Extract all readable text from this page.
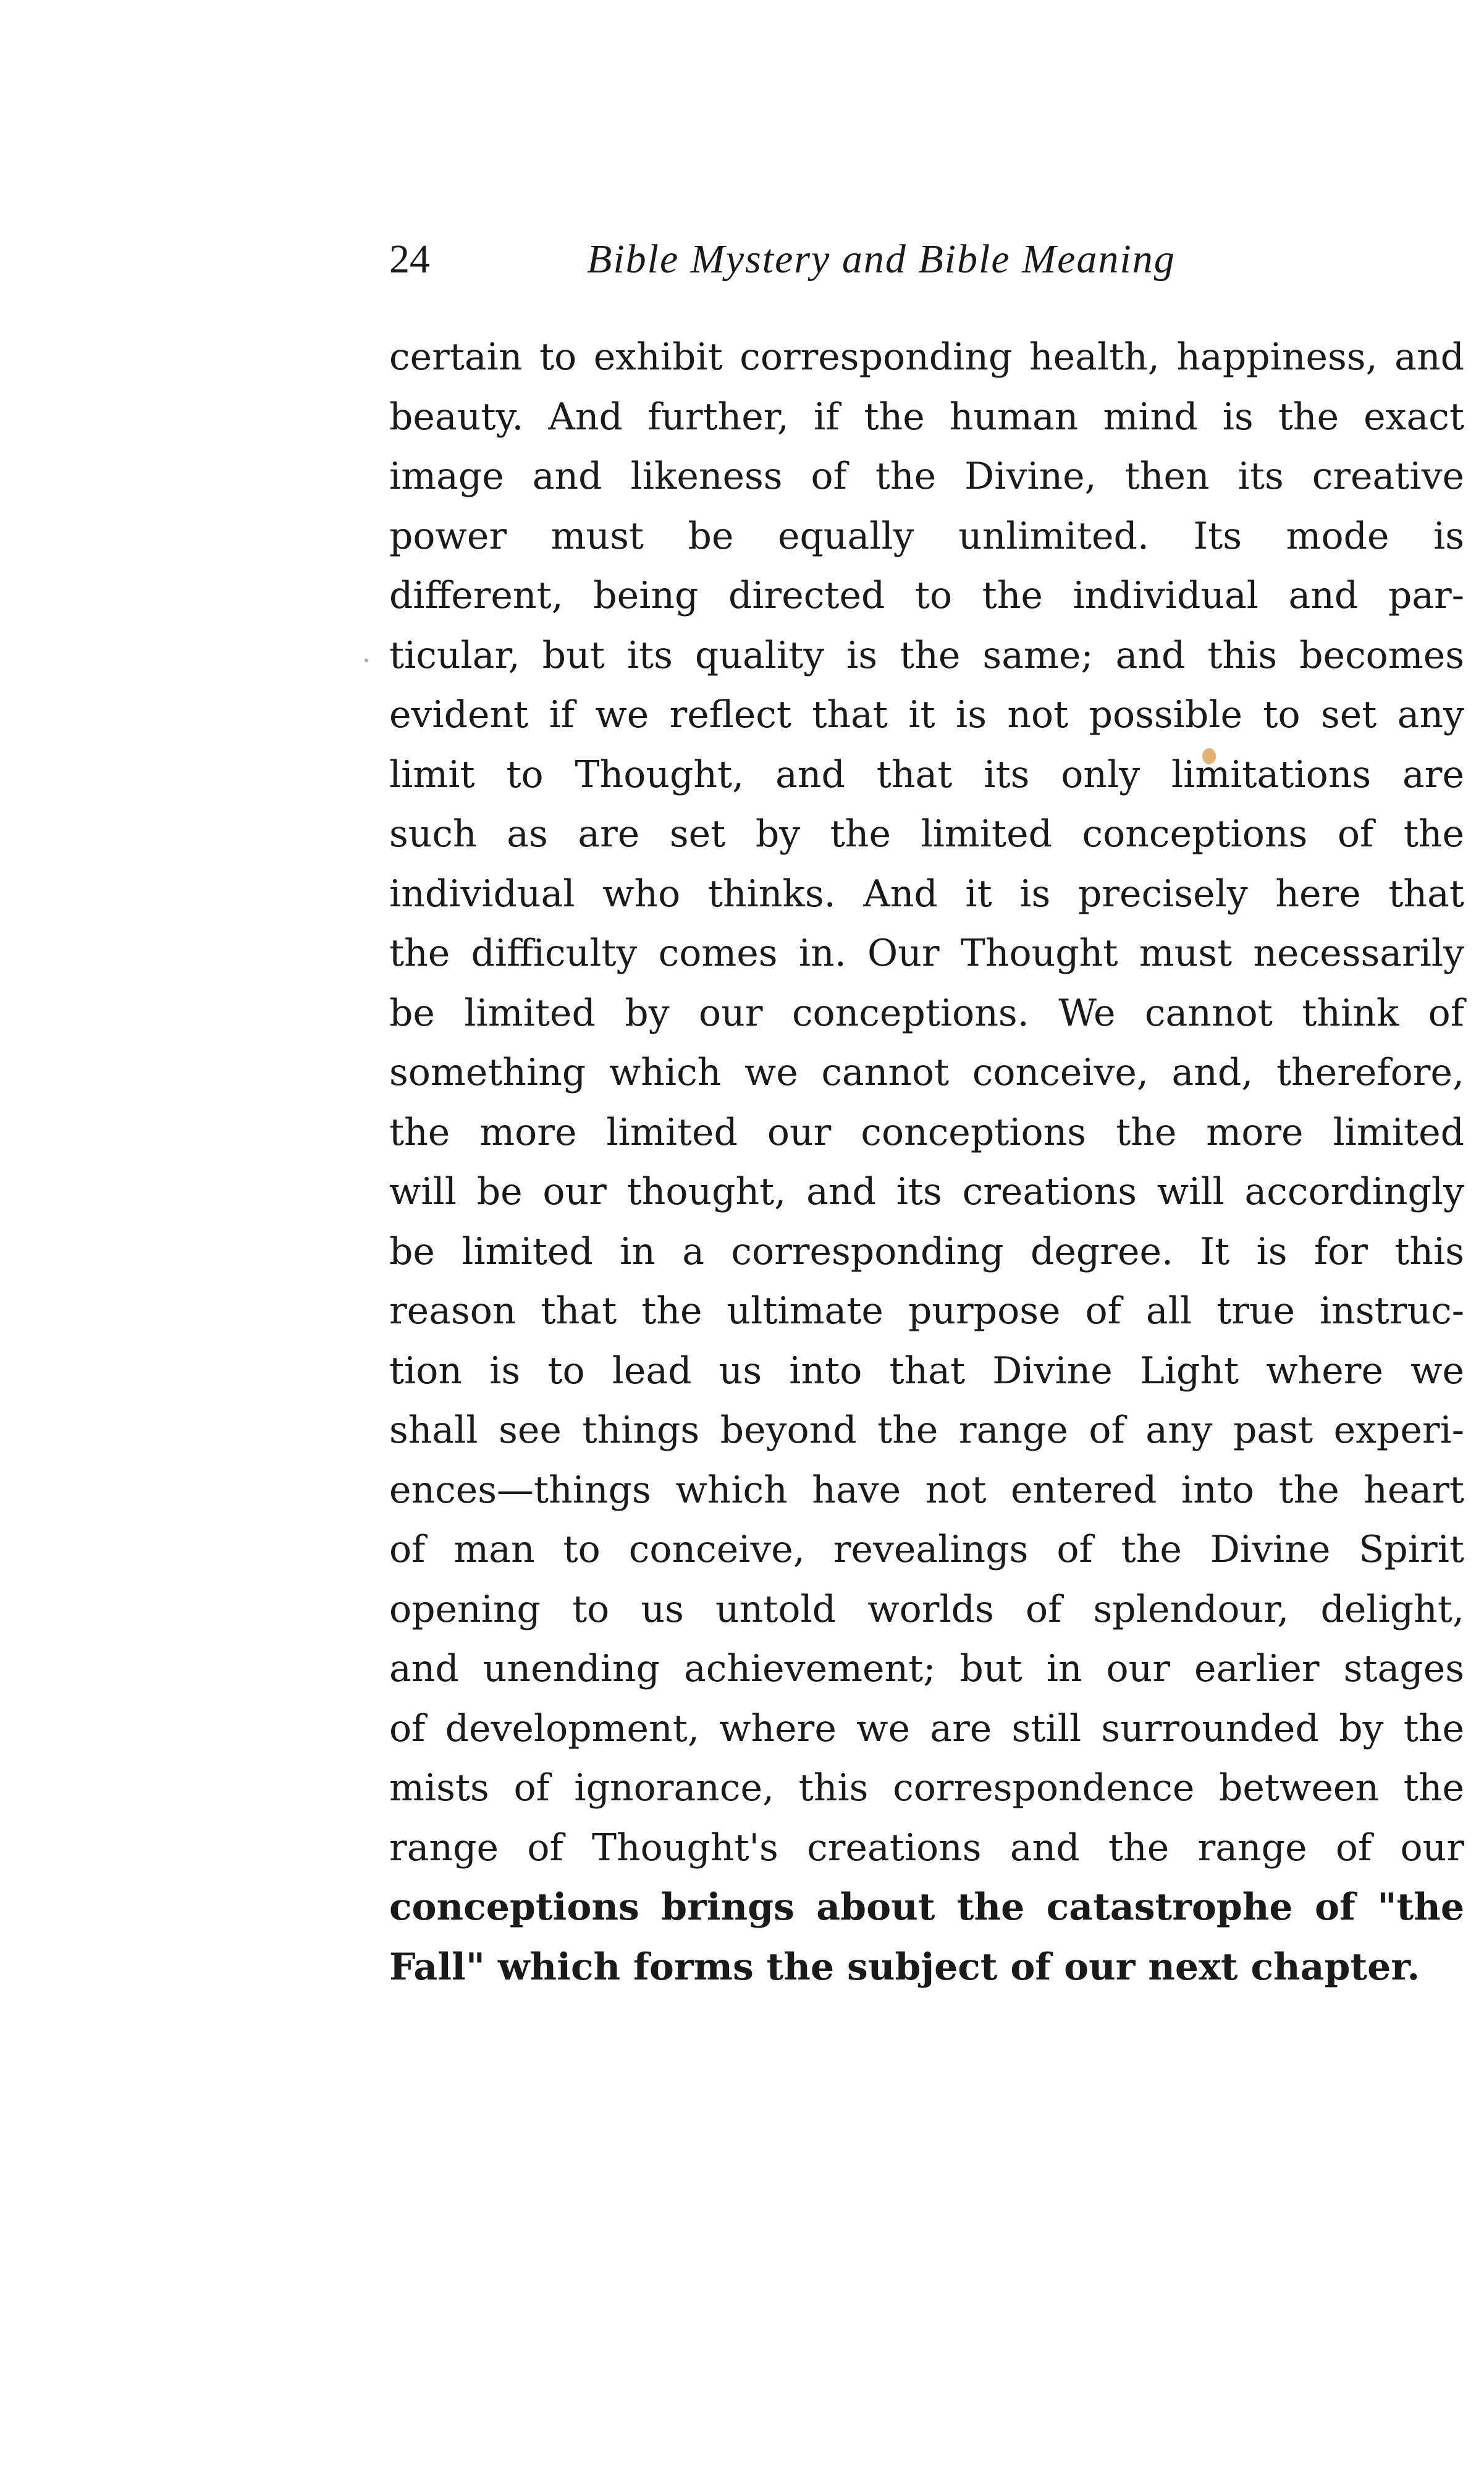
24	Bible Mystery and Bible Meaning
certain to exhibit corresponding health, happiness, and
beauty. And further, if the human mind is the exact
image and likeness of the Divine, then its creative
power must be equally unlimited. Its mode is
different, being directed to the individual and par-
ticular, but its quality is the same; and this becomes
evident if we reflect that it is not possible to set any
limit to Thought, and that its only limitations are
such as are set by the limited conceptions of the
individual who thinks. And it is precisely here that
the difficulty comes in. Our Thought must necessarily
be limited by our conceptions. We cannot think of
something which we cannot conceive, and, therefore,
the more limited our conceptions the more limited
will be our thought, and its creations will accordingly
be limited in a corresponding degree. It is for this
reason that the ultimate purpose of all true instruc-
tion is to lead us into that Divine Light where we
shall see things beyond the range of any past experi-
ences—things which have not entered into the heart
of man to conceive, revealings of the Divine Spirit
opening to us untold worlds of splendour, delight,
and unending achievement; but in our earlier stages
of development, where we are still surrounded by the
mists of ignorance, this correspondence between the
range of Thought's creations and the range of our
conceptions brings about the catastrophe of "the
Fall" which forms the subject of our next chapter.
